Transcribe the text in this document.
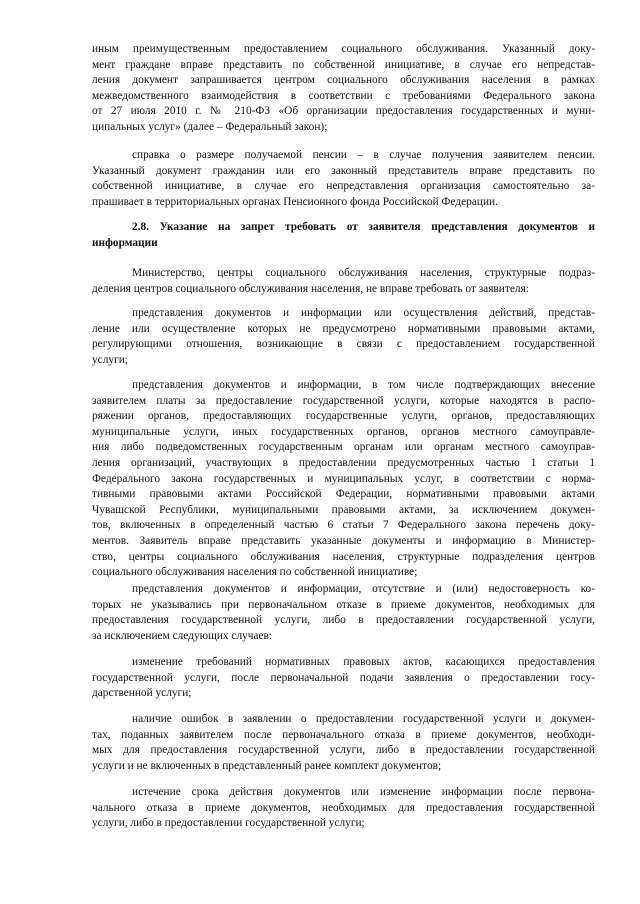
иным преимущественным предоставлением социального обслуживания. Указанный доку-
мент граждане вправе представить по собственной инициативе, в случае его непредстав-
ления документ запрашивается центром социального обслуживания населения в рамках
межведомственного взаимодействия в соответствии с требованиями Федерального закона
от 27 июля 2010 г. № 210-ФЗ «Об организации предоставления государственных и муни-
ципальных услуг» (далее – Федеральный закон);

справка о размере получаемой пенсии – в случае получения заявителем пенсии.
Указанный документ гражданин или его законный представитель вправе представить по
собственной инициативе, в случае его непредставления организация самостоятельно за-
прашивает в территориальных органах Пенсионного фонда Российской Федерации.

2.8. Указание на запрет требовать от заявителя представления документов и
информации

Министерство, центры социального обслуживания населения, структурные подраз-
деления центров социального обслуживания населения, не вправе требовать от заявителя:

представления документов и информации или осуществления действий, представ-
ление или осуществление которых не предусмотрено нормативными правовыми актами,
регулирующими отношения, возникающие в связи с предоставлением государственной
услуги;

представления документов и информации, в том числе подтверждающих внесение
заявителем платы за предоставление государственной услуги, которые находятся в распо-
ряжении органов, предоставляющих государственные услуги, органов, предоставляющих
муниципальные услуги, иных государственных органов, органов местного самоуправле-
ния либо подведомственных государственным органам или органам местного самоуправ-
ления организаций, участвующих в предоставлении предусмотренных частью 1 статьи 1
Федерального закона государственных и муниципальных услуг, в соответствии с норма-
тивными правовыми актами Российской Федерации, нормативными правовыми актами
Чувашской Республики, муниципальными правовыми актами, за исключением докумен-
тов, включенных в определенный частью 6 статьи 7 Федерального закона перечень доку-
ментов. Заявитель вправе представить указанные документы и информацию в Министер-
ство, центры социального обслуживания населения, структурные подразделения центров
социального обслуживания населения по собственной инициативе;

представления документов и информации, отсутствие и (или) недостоверность ко-
торых не указывались при первоначальном отказе в приеме документов, необходимых для
предоставления государственной услуги, либо в предоставлении государственной услуги,
за исключением следующих случаев:

изменение требований нормативных правовых актов, касающихся предоставления
государственной услуги, после первоначальной подачи заявления о предоставлении госу-
дарственной услуги;

наличие ошибок в заявлении о предоставлении государственной услуги и докумен-
тах, поданных заявителем после первоначального отказа в приеме документов, необходи-
мых для предоставления государственной услуги, либо в предоставлении государственной
услуги и не включенных в представленный ранее комплект документов;

истечение срока действия документов или изменение информации после первона-
чального отказа в приеме документов, необходимых для предоставления государственной
услуги, либо в предоставлении государственной услуги;
